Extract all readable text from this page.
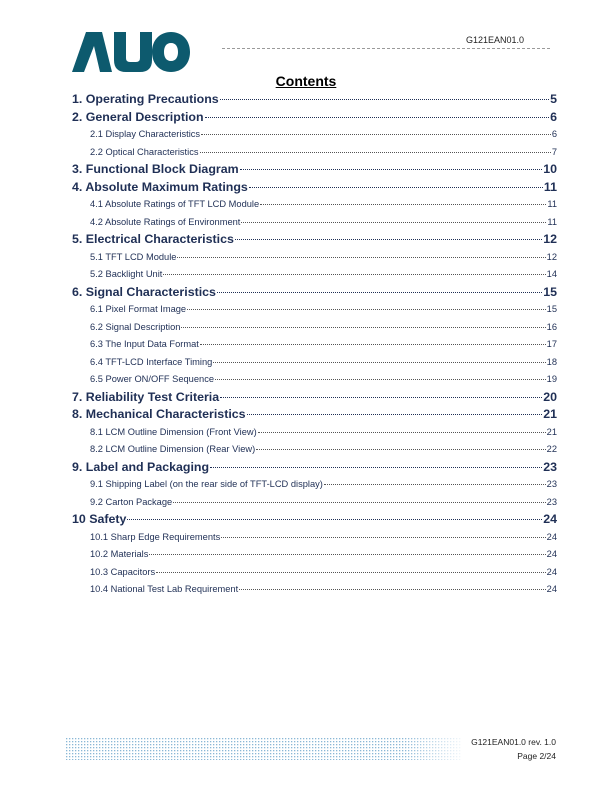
G121EAN01.0
Contents
1. Operating Precautions	5
2. General Description	6
2.1 Display Characteristics	6
2.2 Optical Characteristics	7
3. Functional Block Diagram	10
4. Absolute Maximum Ratings	11
4.1 Absolute Ratings of TFT LCD Module	11
4.2 Absolute Ratings of Environment	11
5. Electrical Characteristics	12
5.1 TFT LCD Module	12
5.2 Backlight Unit	14
6. Signal Characteristics	15
6.1 Pixel Format Image	15
6.2 Signal Description	16
6.3 The Input Data Format	17
6.4 TFT-LCD Interface Timing	18
6.5 Power ON/OFF Sequence	19
7. Reliability Test Criteria	20
8. Mechanical Characteristics	21
8.1 LCM Outline Dimension (Front View)	21
8.2 LCM Outline Dimension (Rear View)	22
9. Label and Packaging	23
9.1 Shipping Label (on the rear side of TFT-LCD display)	23
9.2 Carton Package	23
10 Safety	24
10.1 Sharp Edge Requirements	24
10.2 Materials	24
10.3 Capacitors	24
10.4 National Test Lab Requirement	24
G121EAN01.0 rev. 1.0
Page 2/24
